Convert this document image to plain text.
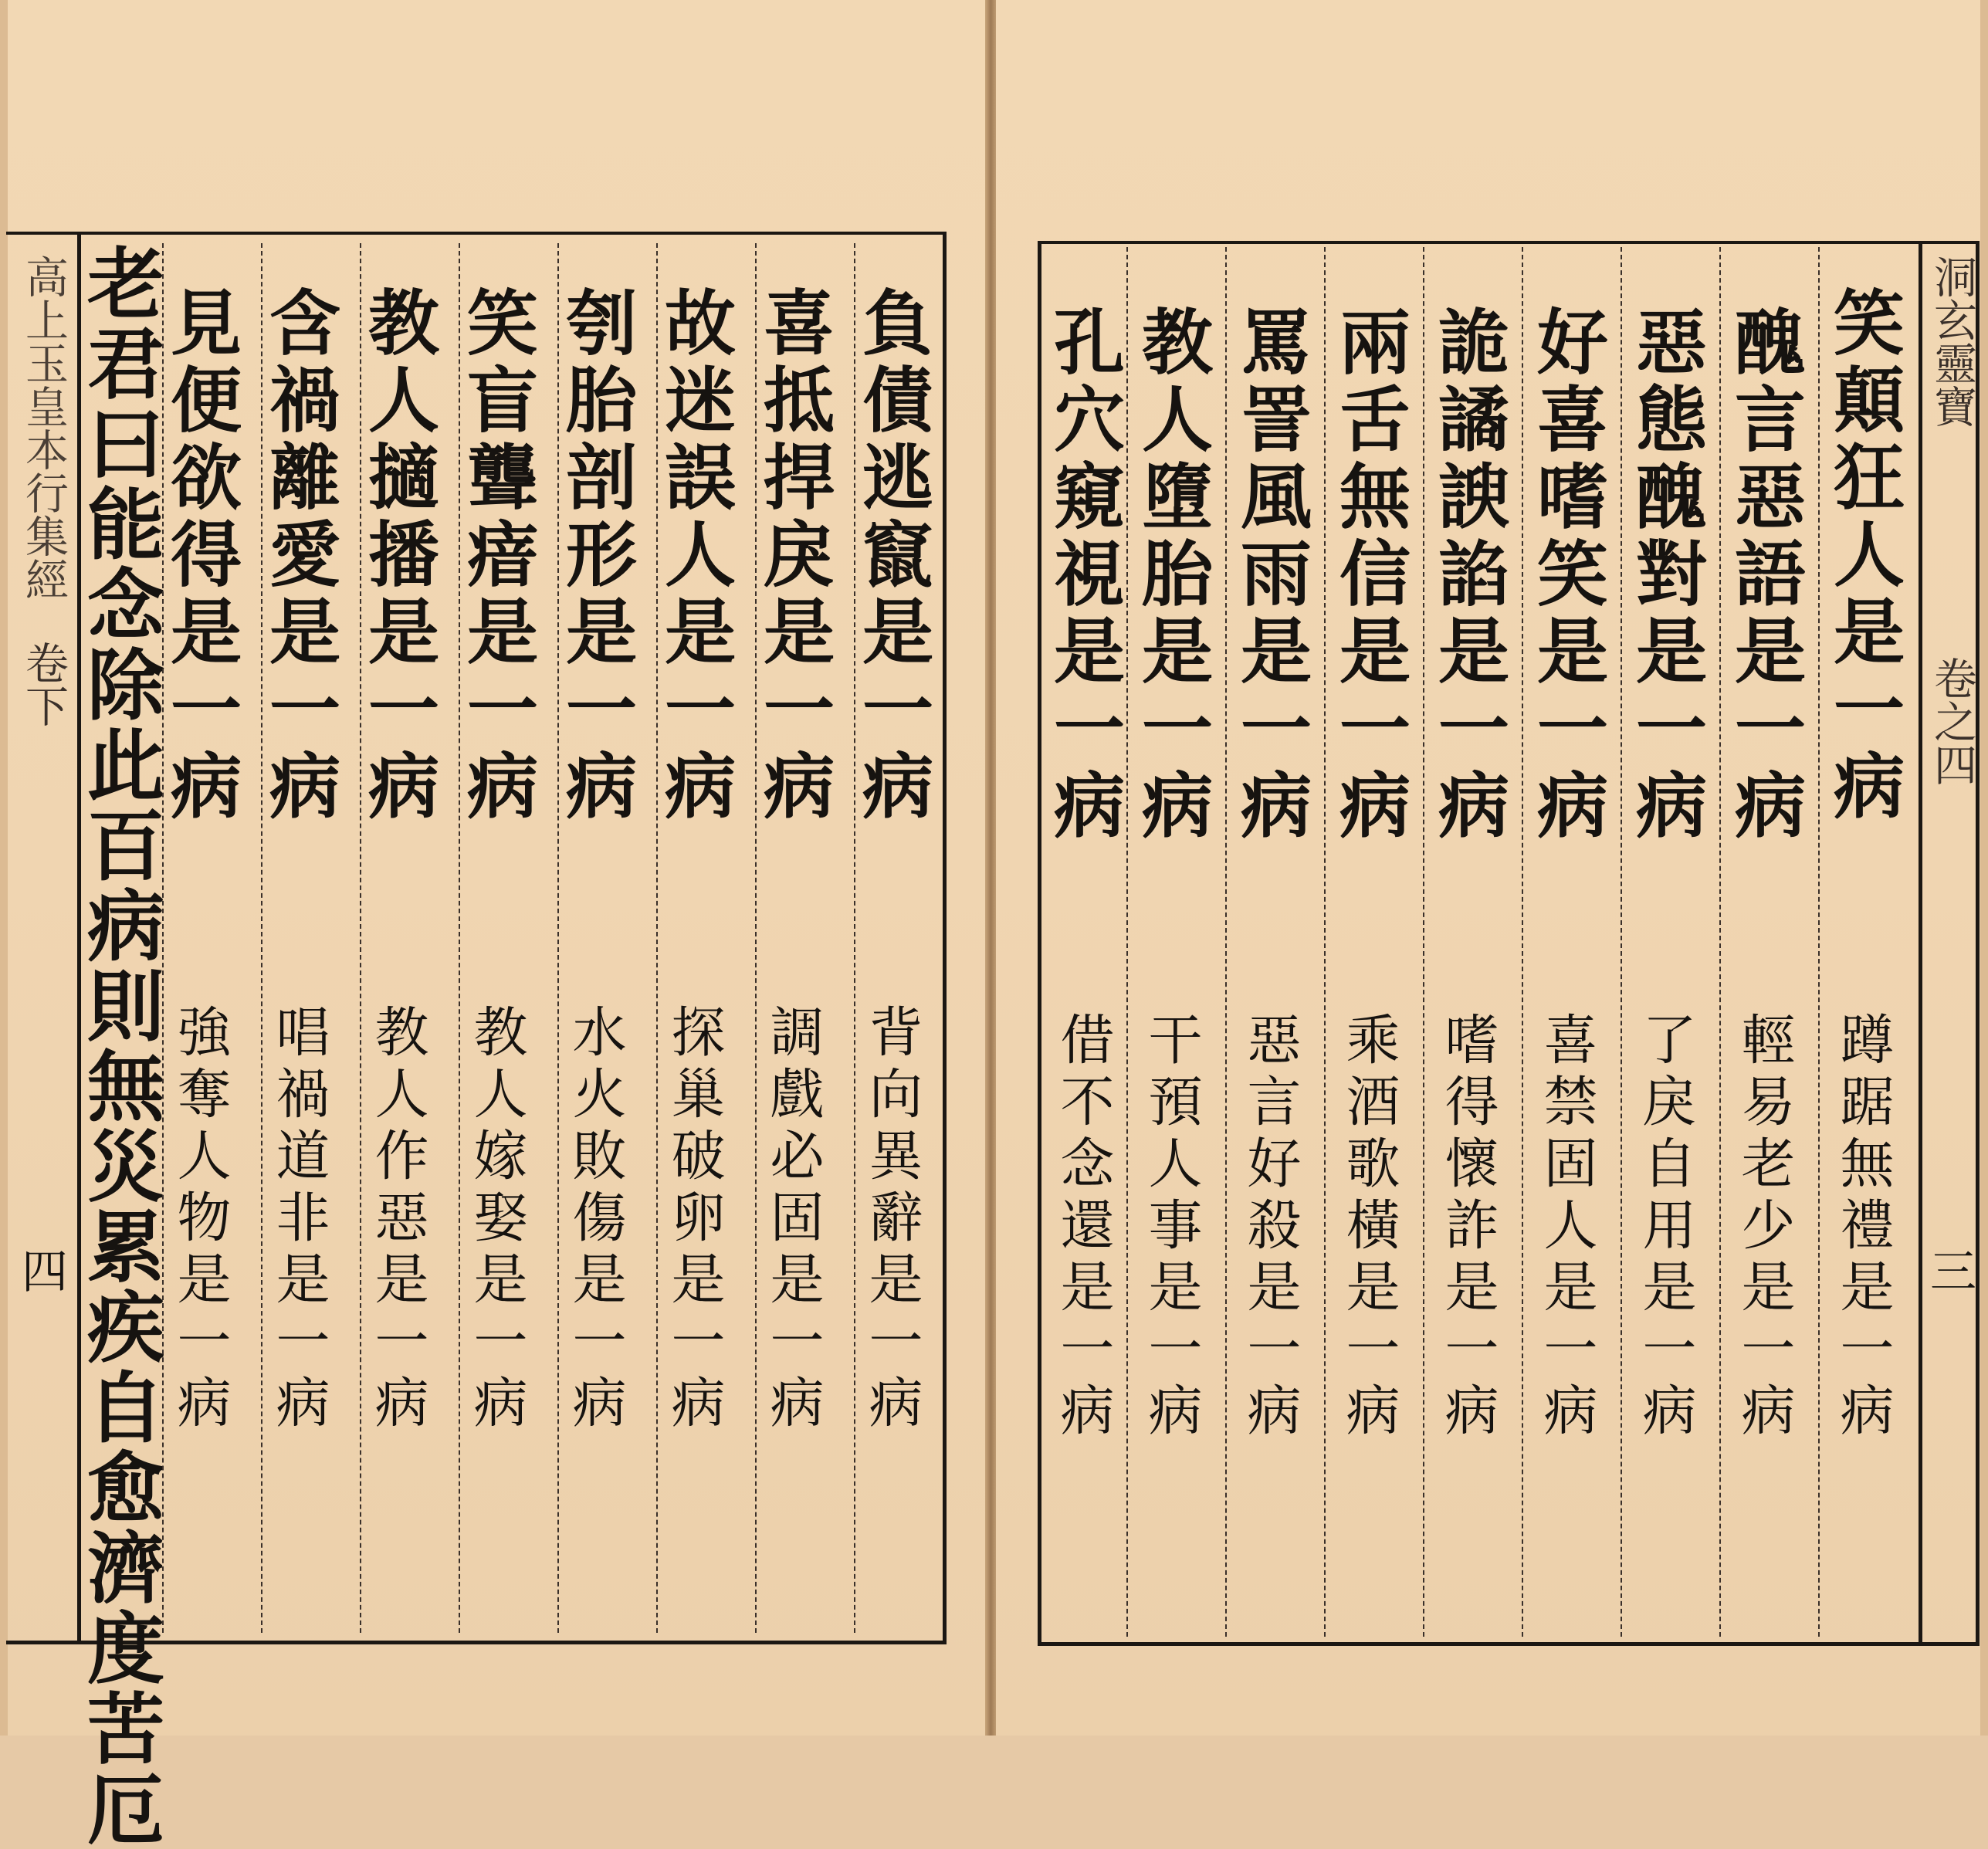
高上玉皇本行集經
卷下
四 老君曰能念除此百病則無災累疾自愈濟度苦厄	負債逃竄是一病
喜抵捍戾是一病
故迷誤人是一病
刳胎剖形是一病
笑盲聾瘖是一病
教人擿播是一病
含禍離愛是一病
見便欲得是一病
背向異辭是一病
調戲必固是一病
探巢破卵是一病
水火敗傷是一病
教人嫁娶是一病
教人作惡是一病
唱禍道非是一病
強奪人物是一病
洞玄靈寶
卷之四
三
笑顛狂人是一病
醜言惡語是一病
惡態醜對是一病
好喜嗜笑是一病
詭譎諛諂是一病
兩舌無信是一病
罵詈風雨是一病
教人墮胎是一病
孔穴窺視是一病
蹲踞無禮是一病
輕易老少是一病
了戾自用是一病
喜禁固人是一病
嗜得懷詐是一病
乘酒歌橫是一病
惡言好殺是一病
干預人事是一病
借不念還是一病
